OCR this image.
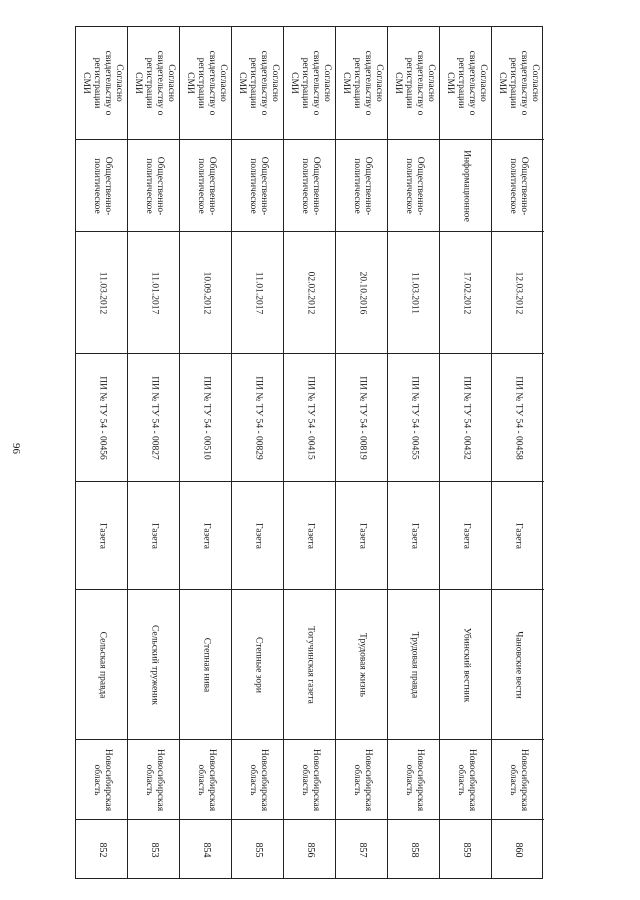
96
Согласно свидетельству о регистрации СМИ
Общественно-политическое
11.03.2012
ПИ № ТУ 54 - 00456
Газета
Сельская правда
Новосибирская область
852
Согласно свидетельству о регистрации СМИ
Общественно-политическое
11.01.2017
ПИ № ТУ 54 - 00827
Газета
Сельский труженик
Новосибирская область
853
Согласно свидетельству о регистрации СМИ
Общественно-политическое
10.09.2012
ПИ № ТУ 54 - 00510
Газета
Степная нива
Новосибирская область
854
Согласно свидетельству о регистрации СМИ
Общественно-политическое
11.01.2017
ПИ № ТУ 54 - 00829
Газета
Степные зори
Новосибирская область
855
Согласно свидетельству о регистрации СМИ
Общественно-политическое
02.02.2012
ПИ № ТУ 54 - 00415
Газета
Тогучинская газета
Новосибирская область
856
Согласно свидетельству о регистрации СМИ
Общественно-политическое
20.10.2016
ПИ № ТУ 54 - 00819
Газета
Трудовая жизнь
Новосибирская область
857
Согласно свидетельству о регистрации СМИ
Общественно-политическое
11.03.2011
ПИ № ТУ 54 - 00455
Газета
Трудовая правда
Новосибирская область
858
Согласно свидетельству о регистрации СМИ
Информационное
17.02.2012
ПИ № ТУ 54 - 00432
Газета
Убинский вестник
Новосибирская область
859
Согласно свидетельству о регистрации СМИ
Общественно-политическое
12.03.2012
ПИ № ТУ 54 - 00458
Газета
Чановские вести
Новосибирская область
860
